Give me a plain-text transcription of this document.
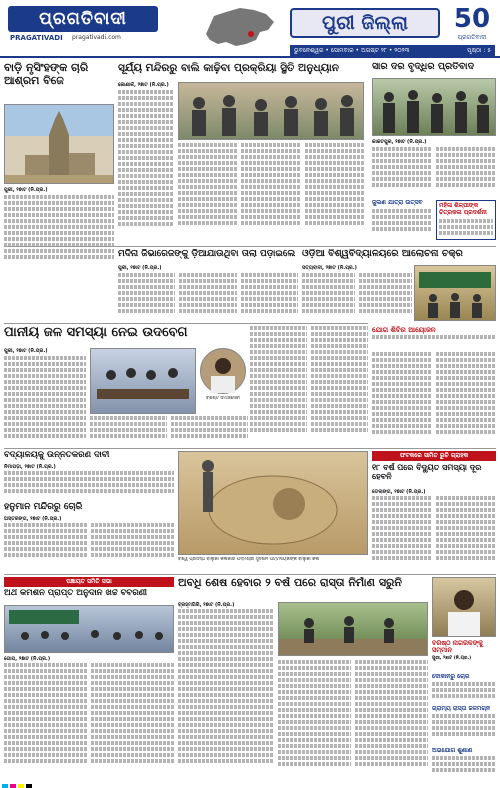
ପ୍ରଗତିବାଦୀ
PRAGATIVADI pragativadi.com
ପୁରୀ ଜିଲ୍ଲା	50
ପ୍ରଗତିବାଦୀ
ଭୁବନେଶ୍ୱର • ସୋମବାର • ଅଗଷ୍ଟ ୨୮ • ୨୦୨୩	ପୃଷ୍ଠା : ୫
ବାଡ଼ି ନୃସିଂହଙ୍କ ଚାରି ଆଶ୍ରମ ବିଜେ
ପୁରୀ, ୨୭ାଟ (ନି.ପ୍ର.)
ସୂର୍ଯ୍ୟ ମନ୍ଦିରରୁ ବାଲି କାଢ଼ିବା ପ୍ରକ୍ରିୟା ସ୍ଥିତି ଅନୁଧ୍ୟାନ
କୋଣାର୍କ, ୨୭ାଟ (ନି.ପ୍ର.)
ସାର ଦର ବୃଦ୍ଧିର ପ୍ରତିବାଦ
କାକଟପୁର, ୨୭ାଟ (ନି.ପ୍ର.)
ମହିଳା ଶିଳ୍ପୀଙ୍କ ଚିତ୍ରକଳା ପ୍ରଦର୍ଶନୀ
ଜୁଲଣ ଯାତ୍ରା ଉତ୍ସବ
ମଦିନା ଜିଭାରେଜଙ୍କୁ ଡ଼ିଆଯାଉଥିବା ତାଲା ପଡ଼ାଇଲେ
ପୁରୀ, ୨୭ାଟ (ନି.ପ୍ର.)
ଓଡ଼ିଆ ବିଶ୍ୱବିଦ୍ୟାଳୟରେ ଆଲୋଚନା ଚକ୍ର
ସତ୍ୟବାଦୀ, ୨୭ାଟ (ନି.ପ୍ର.)
ପାନୀୟ ଜଳ ସମସ୍ୟା ନେଇ ଉଦବେଗ
ପୁରୀ, ୨୭ାଟ (ନି.ପ୍ର.)
ବିଶିଷ୍ଟ ସମାଜସେବୀ
ଯୋଗ ଶିବିର ଆୟୋଜନ
ବିଦ୍ୟାଳୟକୁ ଉନ୍ନତକରଣ ଦାବୀ
ନିମାପଡ଼ା, ୨୭ାଟ (ନି.ପ୍ର.)
ହନୁମାନ ମନ୍ଦିରରୁ ଚୋରି
ଅସ୍ତରଙ୍ଗ, ୨୭ାଟ (ନି.ପ୍ର.)
ବିଶ୍ୱ ପ୍ରସିଦ୍ଧ ବାଲୁକା କଳାକାର ପଦ୍ମଶ୍ରୀ ସୁଦର୍ଶନ ପଟ୍ଟନାୟକଙ୍କ ବାଲୁକା କଳା
ଫଟକରେ ସୀମିତ ରୁଚି ଗ୍ରାହକ
୧୮ ବର୍ଷ ପରେ ବିଦ୍ୟୁତ ସମସ୍ୟା ଦୂର ହେବନି
ଡେଲାଙ୍ଗ, ୨୭ାଟ (ନି.ପ୍ର.)
ପଞ୍ଚାୟତ ସମିତି ସଭା
ଅର୍ଥ କମିଶନ ପ୍ରାପ୍ତ ଅନୁଦାନ ଖର୍ଚ୍ଚ ବିବରଣୀ
ଗୋପ, ୨୭ାଟ (ନି.ପ୍ର.)
ଅବଧି ଶେଷ ହେବାର ୨ ବର୍ଷ ପରେ ରାସ୍ତା ନିର୍ମାଣ ସରୁନି
ବ୍ରହ୍ମଗିରି, ୨୭ାଟ (ନି.ପ୍ର.)
ବରିଷ୍ଠ ନାଗରିକଙ୍କୁ ସମ୍ମାନ
ପୁରୀ, ୨୭ାଟ (ନି.ପ୍ର.)
ଦୋକାନରୁ ଚୋରି
ଗ୍ରାମ୍ୟ ରାସ୍ତା ଜଳମଗ୍ନ
ଅଭିଯୋଗ ଶୁଣାଣି
